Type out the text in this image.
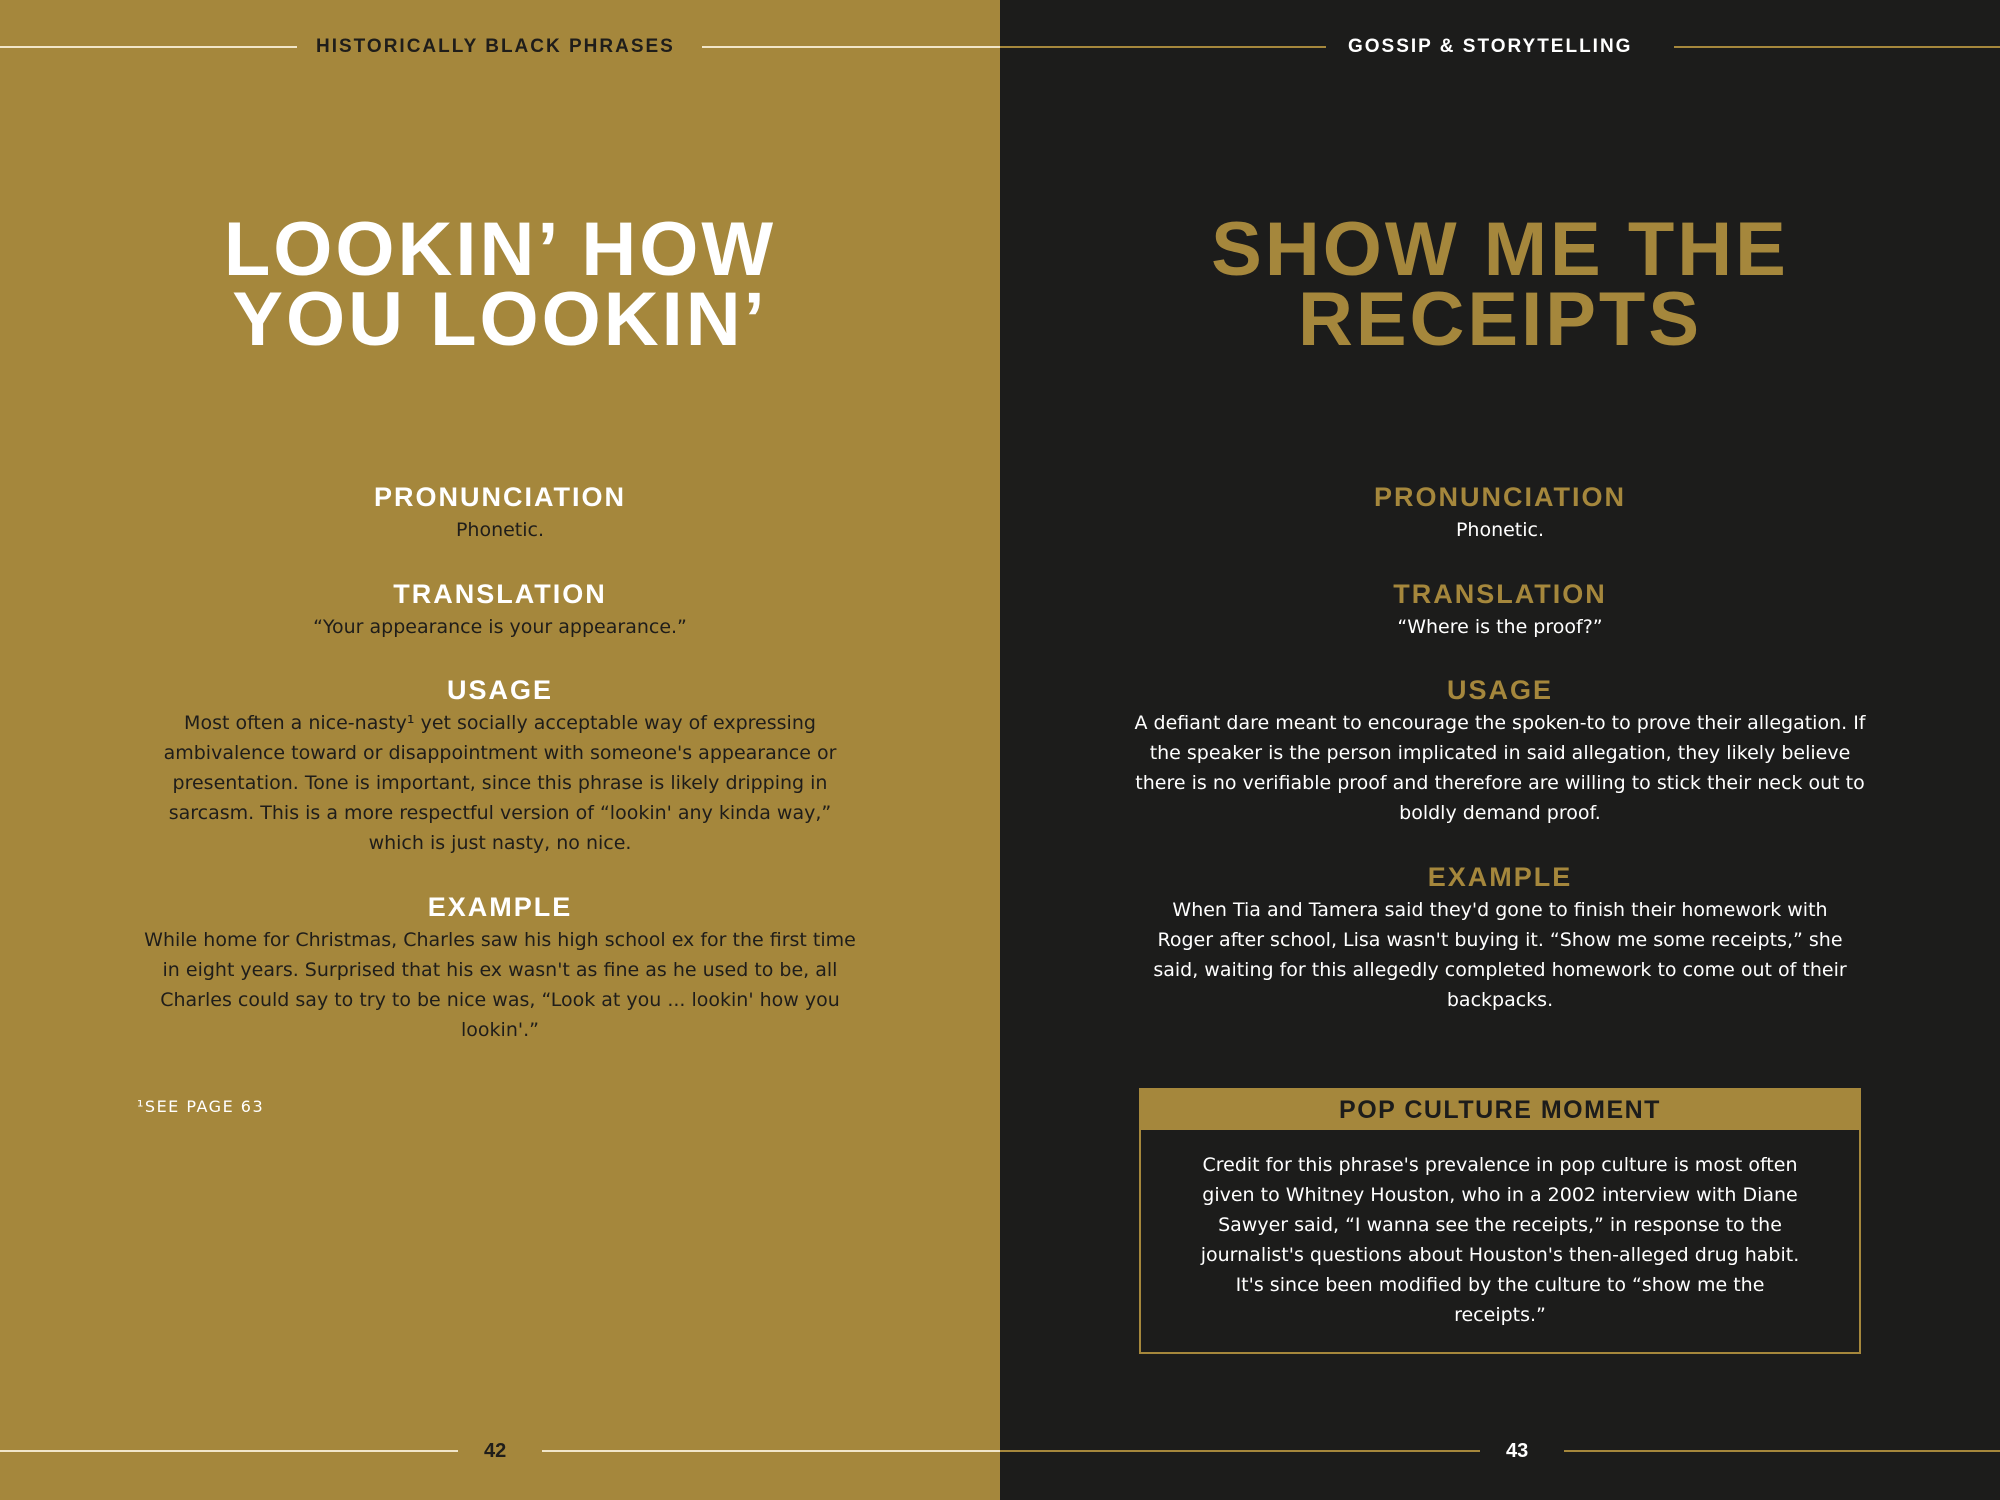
HISTORICALLY BLACK PHRASES
LOOKIN’ HOW
YOU LOOKIN’
PRONUNCIATION

Phonetic.

TRANSLATION

“Your appearance is your appearance.”

USAGE

Most often a nice-nasty¹ yet socially acceptable way of expressing ambivalence toward or disappointment with someone's appearance or presentation. Tone is important, since this phrase is likely dripping in sarcasm. This is a more respectful version of “lookin' any kinda way,” which is just nasty, no nice.

EXAMPLE

While home for Christmas, Charles saw his high school ex for the first time in eight years. Surprised that his ex wasn't as fine as he used to be, all Charles could say to try to be nice was, “Look at you ... lookin' how you lookin'.”

¹SEE PAGE 63
42
GOSSIP & STORYTELLING
SHOW ME THE
RECEIPTS
PRONUNCIATION

Phonetic.

TRANSLATION

“Where is the proof?”

USAGE

A defiant dare meant to encourage the spoken-to to prove their allegation. If the speaker is the person implicated in said allegation, they likely believe there is no verifiable proof and therefore are willing to stick their neck out to boldly demand proof.

EXAMPLE

When Tia and Tamera said they'd gone to finish their homework with Roger after school, Lisa wasn't buying it. “Show me some receipts,” she said, waiting for this allegedly completed homework to come out of their backpacks.

POP CULTURE MOMENT

Credit for this phrase's prevalence in pop culture is most often given to Whitney Houston, who in a 2002 interview with Diane Sawyer said, “I wanna see the receipts,” in response to the journalist's questions about Houston's then-alleged drug habit. It's since been modified by the culture to “show me the receipts.”

43
